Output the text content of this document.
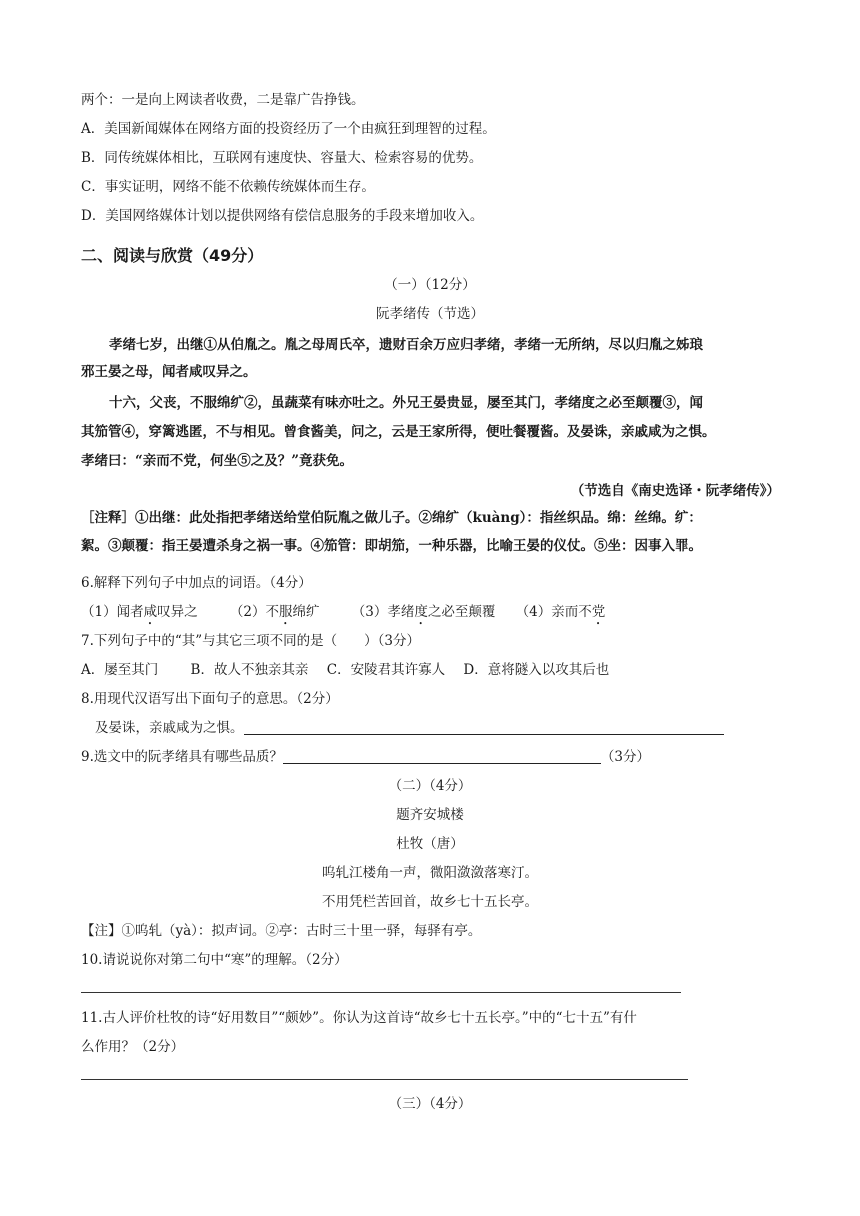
两个：一是向上网读者收费，二是靠广告挣钱。
A．美国新闻媒体在网络方面的投资经历了一个由疯狂到理智的过程。
B．同传统媒体相比，互联网有速度快、容量大、检索容易的优势。
C．事实证明，网络不能不依赖传统媒体而生存。
D．美国网络媒体计划以提供网络有偿信息服务的手段来增加收入。
二、阅读与欣赏（49分）
（一）（12分）
阮孝绪传（节选）
孝绪七岁，出继①从伯胤之。胤之母周氏卒，遗财百余万应归孝绪，孝绪一无所纳，尽以归胤之姊琅
邪王晏之母，闻者咸叹异之。
十六，父丧，不服绵纩②，虽蔬菜有味亦吐之。外兄王晏贵显，屡至其门，孝绪度之必至颠覆③，闻
其笳管④，穿篱逃匿，不与相见。曾食酱美，问之，云是王家所得，便吐餐覆酱。及晏诛，亲戚咸为之惧。
孝绪曰：“亲而不党，何坐⑤之及？”竟获免。
（节选自《南史选译・阮孝绪传》）
［注释］①出继：此处指把孝绪送给堂伯阮胤之做儿子。②绵纩（kuàng）：指丝织品。绵：丝绵。纩：
絮。③颠覆：指王晏遭杀身之祸一事。④笳管：即胡笳，一种乐器，比喻王晏的仪仗。⑤坐：因事入罪。
6.解释下列句子中加点的词语。（4分）
（1）闻者咸叹异之 （2）不服绵纩 （3）孝绪度之必至颠覆 （4）亲而不党
7.下列句子中的“其”与其它三项不同的是（　　）（3分）
A．屡至其门 B．故人不独亲其亲 C．安陵君其许寡人 D．意将隧入以攻其后也
8.用现代汉语写出下面句子的意思。（2分）
及晏诛，亲戚咸为之惧。
9.选文中的阮孝绪具有哪些品质？	（3分）
（二）（4分）
题齐安城楼
杜牧（唐）
呜轧江楼角一声，微阳潋潋落寒汀。
不用凭栏苦回首，故乡七十五长亭。
【注】①呜轧（yà）：拟声词。②亭：古时三十里一驿，每驿有亭。
10.请说说你对第二句中“寒”的理解。（2分）
11.古人评价杜牧的诗“好用数目”“颇妙”。你认为这首诗“故乡七十五长亭。”中的“七十五”有什
么作用？（2分）
（三）（4分）
